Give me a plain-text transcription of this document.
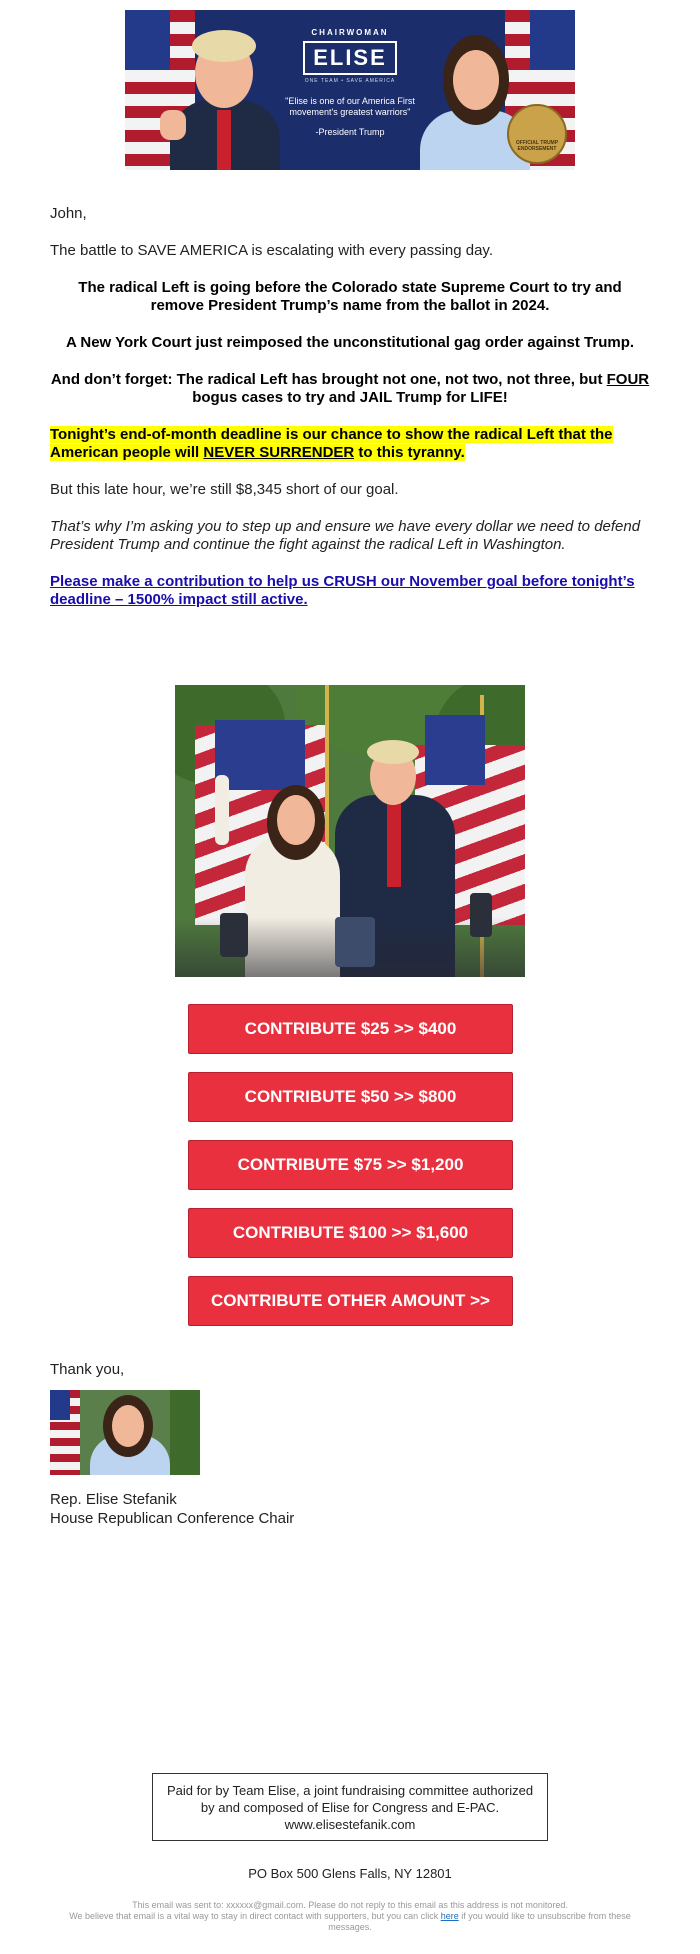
CHAIRWOMAN
ELISE
ONE TEAM • SAVE AMERICA
"Elise is one of our America First movement's greatest warriors"
-President Trump
OFFICIAL TRUMP ENDORSEMENT

John,

The battle to SAVE AMERICA is escalating with every passing day.

The radical Left is going before the Colorado state Supreme Court to try and remove President Trump’s name from the ballot in 2024.

A New York Court just reimposed the unconstitutional gag order against Trump.

And don’t forget: The radical Left has brought not one, not two, not three, but FOUR bogus cases to try and JAIL Trump for LIFE!

Tonight’s end-of-month deadline is our chance to show the radical Left that the American people will NEVER SURRENDER to this tyranny.

But this late hour, we’re still $8,345 short of our goal.

That’s why I’m asking you to step up and ensure we have every dollar we need to defend President Trump and continue the fight against the radical Left in Washington.

Please make a contribution to help us CRUSH our November goal before tonight’s deadline – 1500% impact still active.

CONTRIBUTE $25 >> $400
CONTRIBUTE $50 >> $800
CONTRIBUTE $75 >> $1,200
CONTRIBUTE $100 >> $1,600
CONTRIBUTE OTHER AMOUNT >>
Thank you,
Rep. Elise Stefanik
House Republican Conference Chair
Paid for by Team Elise, a joint fundraising committee authorized by and composed of Elise for Congress and E-PAC. www.elisestefanik.com
PO Box 500 Glens Falls, NY 12801
This email was sent to: xxxxxx@gmail.com. Please do not reply to this email as this address is not monitored.
We believe that email is a vital way to stay in direct contact with supporters, but you can click here if you would like to unsubscribe from these messages.
